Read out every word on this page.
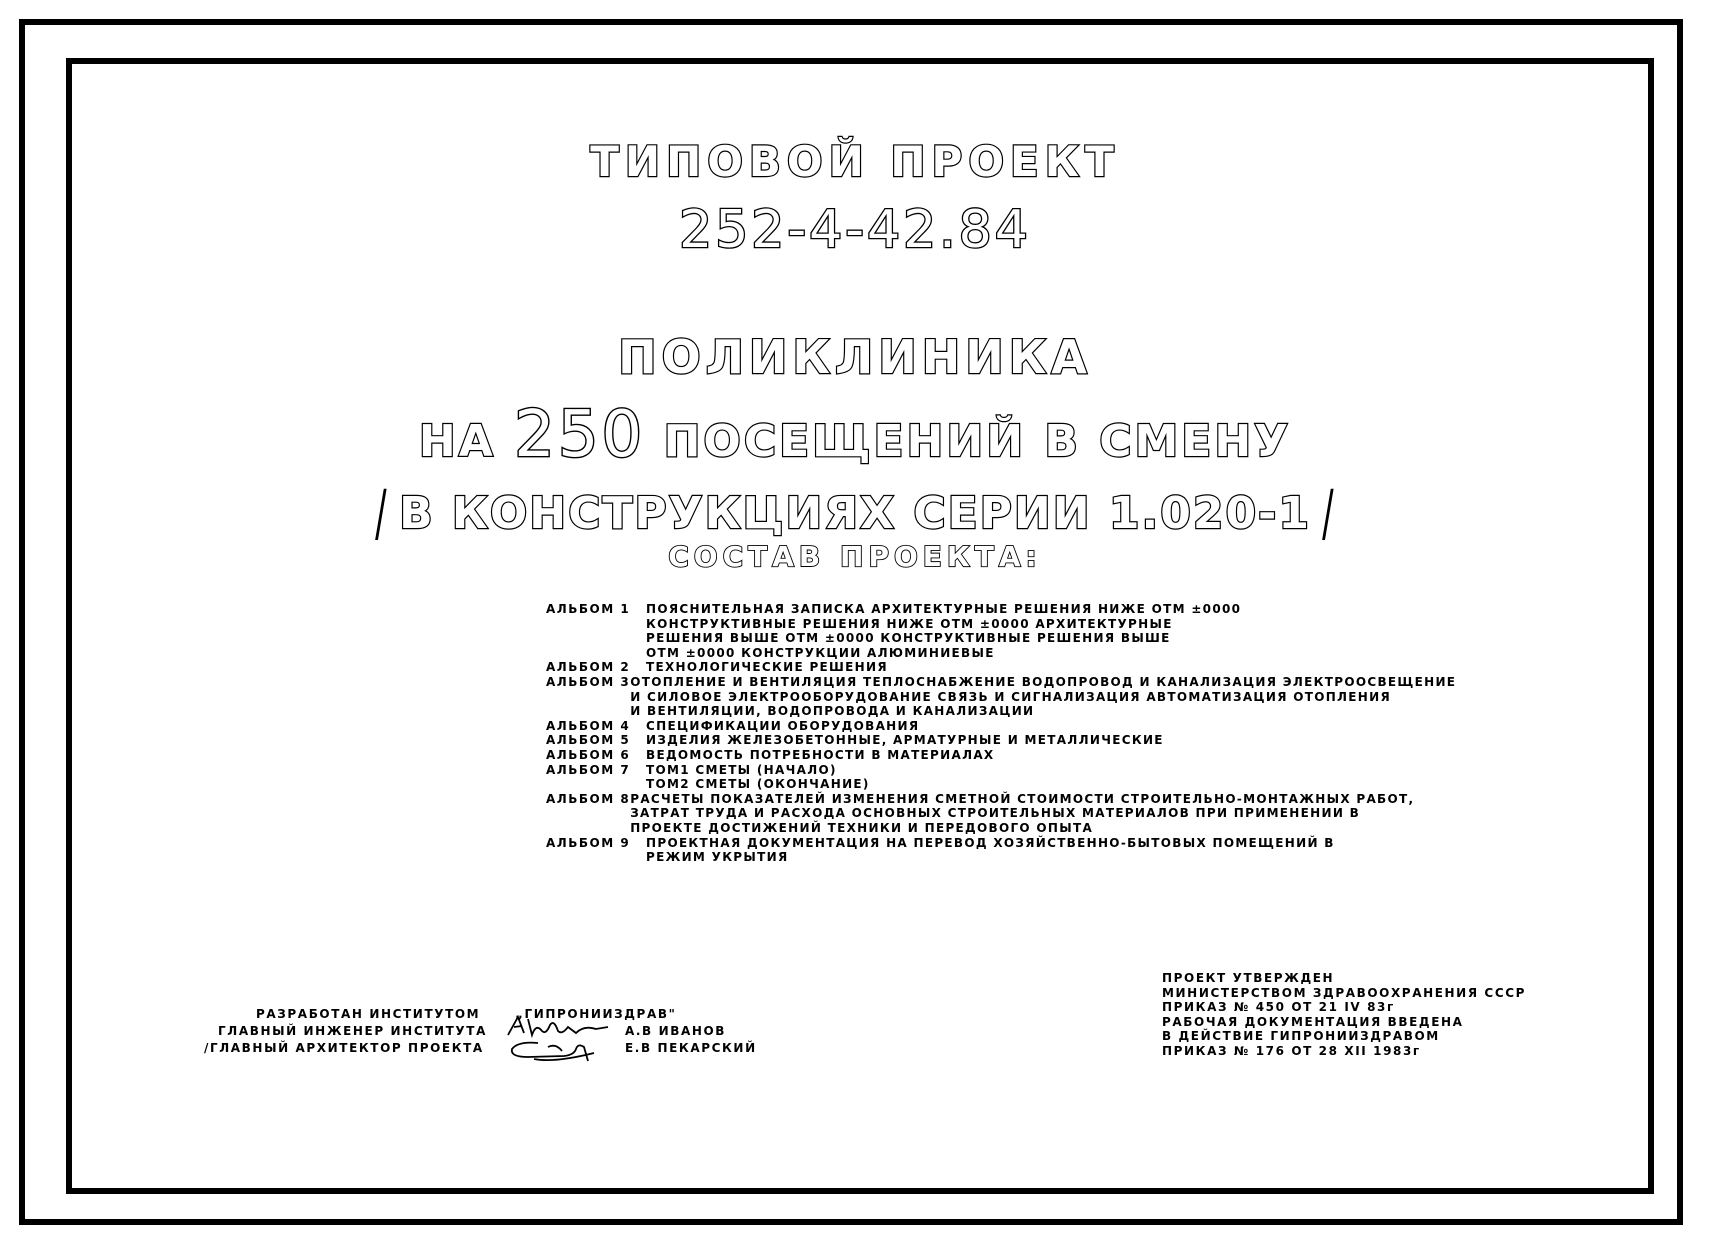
ТИПОВОЙ ПРОЕКТ
252-4-42.84
ПОЛИКЛИНИКА
НА 250 ПОСЕЩЕНИЙ В СМЕНУ
/ В КОНСТРУКЦИЯХ СЕРИИ 1.020-1 /
СОСТАВ ПРОЕКТА:
АЛЬБОМ 1	ПОЯСНИТЕЛЬНАЯ ЗАПИСКА АРХИТЕКТУРНЫЕ РЕШЕНИЯ НИЖЕ ОТМ ±0000
КОНСТРУКТИВНЫЕ РЕШЕНИЯ НИЖЕ ОТМ ±0000 АРХИТЕКТУРНЫЕ
РЕШЕНИЯ ВЫШЕ ОТМ ±0000 КОНСТРУКТИВНЫЕ РЕШЕНИЯ ВЫШЕ
ОТМ ±0000 КОНСТРУКЦИИ АЛЮМИНИЕВЫЕ
АЛЬБОМ 2	ТЕХНОЛОГИЧЕСКИЕ РЕШЕНИЯ
АЛЬБОМ 3 ОТОПЛЕНИЕ И ВЕНТИЛЯЦИЯ ТЕПЛОСНАБЖЕНИЕ ВОДОПРОВОД И КАНАЛИЗАЦИЯ ЭЛЕКТРООСВЕЩЕНИЕ
И СИЛОВОЕ ЭЛЕКТРООБОРУДОВАНИЕ СВЯЗЬ И СИГНАЛИЗАЦИЯ АВТОМАТИЗАЦИЯ ОТОПЛЕНИЯ
И ВЕНТИЛЯЦИИ, ВОДОПРОВОДА И КАНАЛИЗАЦИИ
АЛЬБОМ 4	СПЕЦИФИКАЦИИ ОБОРУДОВАНИЯ
АЛЬБОМ 5	ИЗДЕЛИЯ ЖЕЛЕЗОБЕТОННЫЕ, АРМАТУРНЫЕ И МЕТАЛЛИЧЕСКИЕ
АЛЬБОМ 6	ВЕДОМОСТЬ ПОТРЕБНОСТИ В МАТЕРИАЛАХ
АЛЬБОМ 7	ТОМ1 СМЕТЫ (НАЧАЛО)
ТОМ2 СМЕТЫ (ОКОНЧАНИЕ)
АЛЬБОМ 8 РАСЧЕТЫ ПОКАЗАТЕЛЕЙ ИЗМЕНЕНИЯ СМЕТНОЙ СТОИМОСТИ СТРОИТЕЛЬНО-МОНТАЖНЫХ РАБОТ,
ЗАТРАТ ТРУДА И РАСХОДА ОСНОВНЫХ СТРОИТЕЛЬНЫХ МАТЕРИАЛОВ ПРИ ПРИМЕНЕНИИ В
ПРОЕКТЕ ДОСТИЖЕНИЙ ТЕХНИКИ И ПЕРЕДОВОГО ОПЫТА
АЛЬБОМ 9	ПРОЕКТНАЯ ДОКУМЕНТАЦИЯ НА ПЕРЕВОД ХОЗЯЙСТВЕННО-БЫТОВЫХ ПОМЕЩЕНИЙ В
РЕЖИМ УКРЫТИЯ
РАЗРАБОТАН ИНСТИТУТОМ	„ГИПРОНИИЗДРАВ"
ГЛАВНЫЙ ИНЖЕНЕР ИНСТИТУТА	А.В ИВАНОВ
/ГЛАВНЫЙ АРХИТЕКТОР ПРОЕКТА	Е.В ПЕКАРСКИЙ
ПРОЕКТ УТВЕРЖДЕН
МИНИСТЕРСТВОМ ЗДРАВООХРАНЕНИЯ СССР
ПРИКАЗ № 450 ОТ 21 IV 83г
РАБОЧАЯ ДОКУМЕНТАЦИЯ ВВЕДЕНА
В ДЕЙСТВИЕ ГИПРОНИИЗДРАВОМ
ПРИКАЗ № 176 ОТ 28 XII 1983г
